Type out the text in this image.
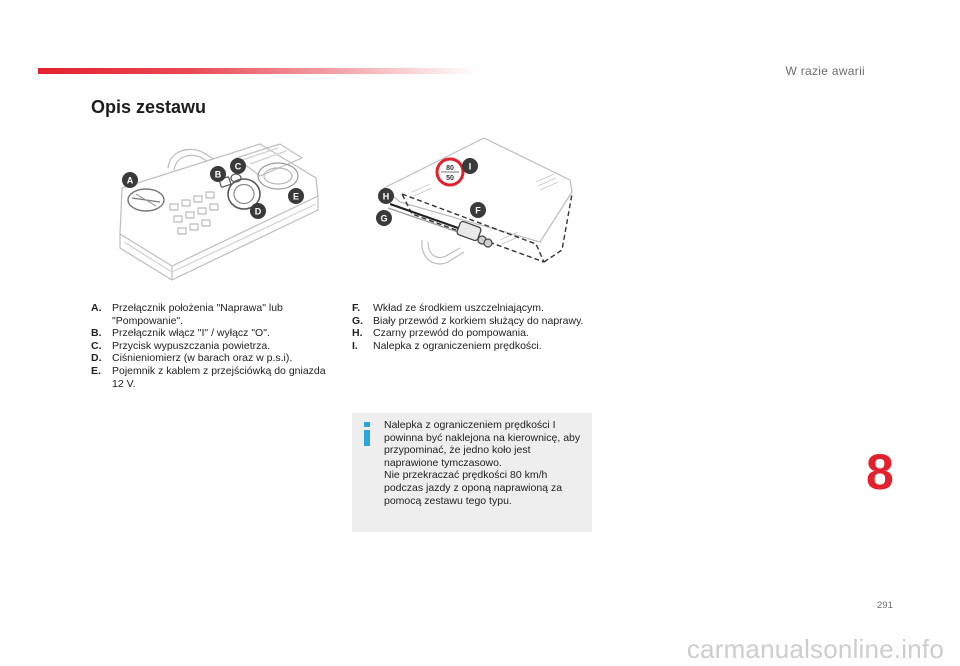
W razie awarii
Opis zestawu
A
B
C
D
E
80
50
I
H
F
G
A. Przełącznik położenia "Naprawa" lub "Pompowanie".
B. Przełącznik włącz "I" / wyłącz "O".
C. Przycisk wypuszczania powietrza.
D. Ciśnieniomierz (w barach oraz w p.s.i).
E. Pojemnik z kablem z przejściówką do gniazda 12 V.
F. Wkład ze środkiem uszczelniającym.
G. Biały przewód z korkiem służący do naprawy.
H. Czarny przewód do pompowania.
I. Nalepka z ograniczeniem prędkości.

Nalepka z ograniczeniem prędkości I powinna być naklejona na kierownicę, aby przypominać, że jedno koło jest naprawione tymczasowo.

Nie przekraczać prędkości 80 km/h podczas jazdy z oponą naprawioną za pomocą zestawu tego typu.

8
291
carmanualsonline.info
